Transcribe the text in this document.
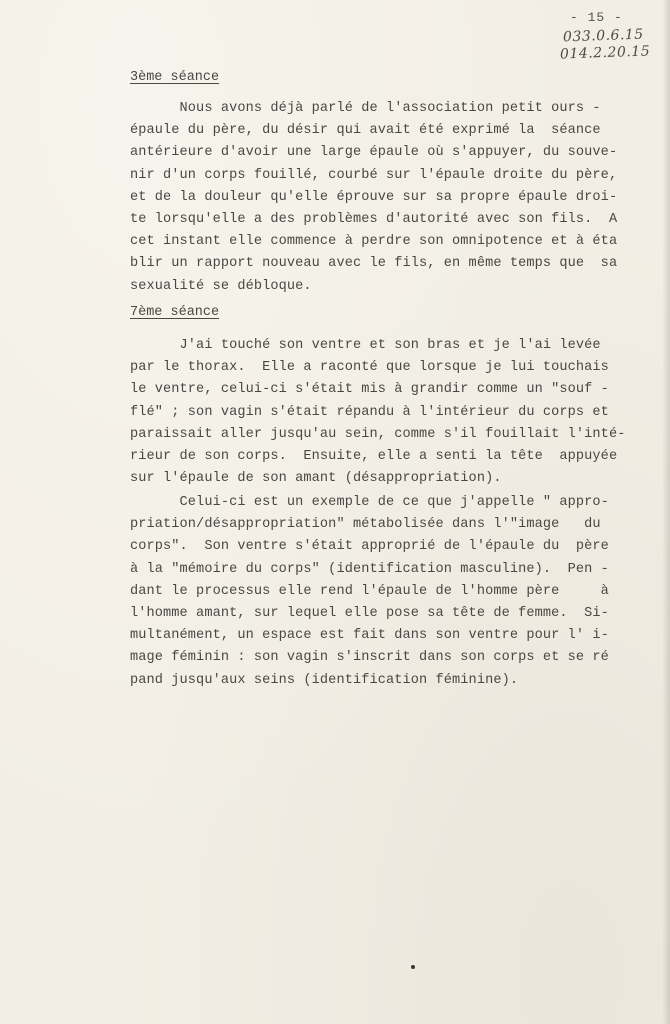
- 15 -
033.0.6.15
014.2.20.15
3ème séance
Nous avons déjà parlé de l'association petit ours -
épaule du père, du désir qui avait été exprimé la  séance
antérieure d'avoir une large épaule où s'appuyer, du souve-
nir d'un corps fouillé, courbé sur l'épaule droite du père,
et de la douleur qu'elle éprouve sur sa propre épaule droi-
te lorsqu'elle a des problèmes d'autorité avec son fils.  A
cet instant elle commence à perdre son omnipotence et à éta
blir un rapport nouveau avec le fils, en même temps que  sa
sexualité se débloque.
7ème séance
J'ai touché son ventre et son bras et je l'ai levée
par le thorax.  Elle a raconté que lorsque je lui touchais
le ventre, celui-ci s'était mis à grandir comme un "souf -
flé" ; son vagin s'était répandu à l'intérieur du corps et
paraissait aller jusqu'au sein, comme s'il fouillait l'inté-
rieur de son corps.  Ensuite, elle a senti la tête  appuyée
sur l'épaule de son amant (désappropriation).
Celui-ci est un exemple de ce que j'appelle " appro-
priation/désappropriation" métabolisée dans l'"image   du
corps".  Son ventre s'était approprié de l'épaule du  père
à la "mémoire du corps" (identification masculine).  Pen -
dant le processus elle rend l'épaule de l'homme père     à
l'homme amant, sur lequel elle pose sa tête de femme.  Si-
multanément, un espace est fait dans son ventre pour l' i-
mage féminin : son vagin s'inscrit dans son corps et se ré
pand jusqu'aux seins (identification féminine).
